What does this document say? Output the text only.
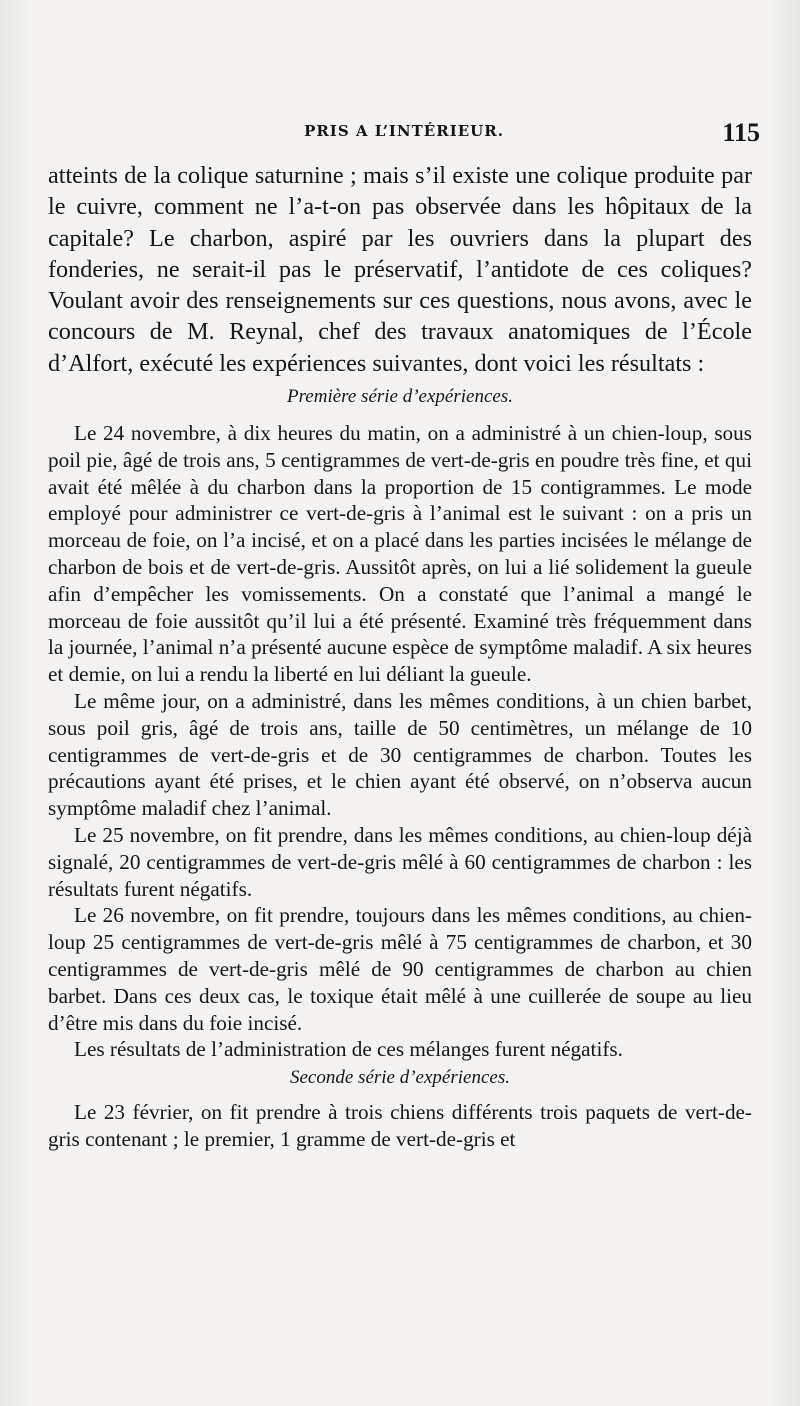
PRIS A L’INTÉRIEUR.	115

atteints de la colique saturnine ; mais s’il existe une colique produite par le cuivre, comment ne l’a-t-on pas observée dans les hôpitaux de la capitale? Le charbon, aspiré par les ouvriers dans la plupart des fonderies, ne serait-il pas le préservatif, l’antidote de ces coliques? Voulant avoir des renseignements sur ces questions, nous avons, avec le concours de M. Reynal, chef des travaux anatomiques de l’École d’Alfort, exécuté les expériences suivantes, dont voici les résultats :

Première série d’expériences.

Le 24 novembre, à dix heures du matin, on a administré à un chien-loup, sous poil pie, âgé de trois ans, 5 centigrammes de vert-de-gris en poudre très fine, et qui avait été mêlée à du charbon dans la proportion de 15 contigrammes. Le mode employé pour administrer ce vert-de-gris à l’animal est le suivant : on a pris un morceau de foie, on l’a incisé, et on a placé dans les parties incisées le mélange de charbon de bois et de vert-de-gris. Aussitôt après, on lui a lié solidement la gueule afin d’empêcher les vomissements. On a constaté que l’animal a mangé le morceau de foie aussitôt qu’il lui a été présenté. Examiné très fréquemment dans la journée, l’animal n’a présenté aucune espèce de symptôme maladif. A six heures et demie, on lui a rendu la liberté en lui déliant la gueule.

Le même jour, on a administré, dans les mêmes conditions, à un chien barbet, sous poil gris, âgé de trois ans, taille de 50 centimètres, un mélange de 10 centigrammes de vert-de-gris et de 30 centigrammes de charbon. Toutes les précautions ayant été prises, et le chien ayant été observé, on n’observa aucun symptôme maladif chez l’animal.

Le 25 novembre, on fit prendre, dans les mêmes conditions, au chien-loup déjà signalé, 20 centigrammes de vert-de-gris mêlé à 60 centigrammes de charbon : les résultats furent négatifs.

Le 26 novembre, on fit prendre, toujours dans les mêmes conditions, au chien-loup 25 centigrammes de vert-de-gris mêlé à 75 centigrammes de charbon, et 30 centigrammes de vert-de-gris mêlé de 90 centigrammes de charbon au chien barbet. Dans ces deux cas, le toxique était mêlé à une cuillerée de soupe au lieu d’être mis dans du foie incisé.

Les résultats de l’administration de ces mélanges furent négatifs.

Seconde série d’expériences.

Le 23 février, on fit prendre à trois chiens différents trois paquets de vert-de-gris contenant ; le premier, 1 gramme de vert-de-gris et
